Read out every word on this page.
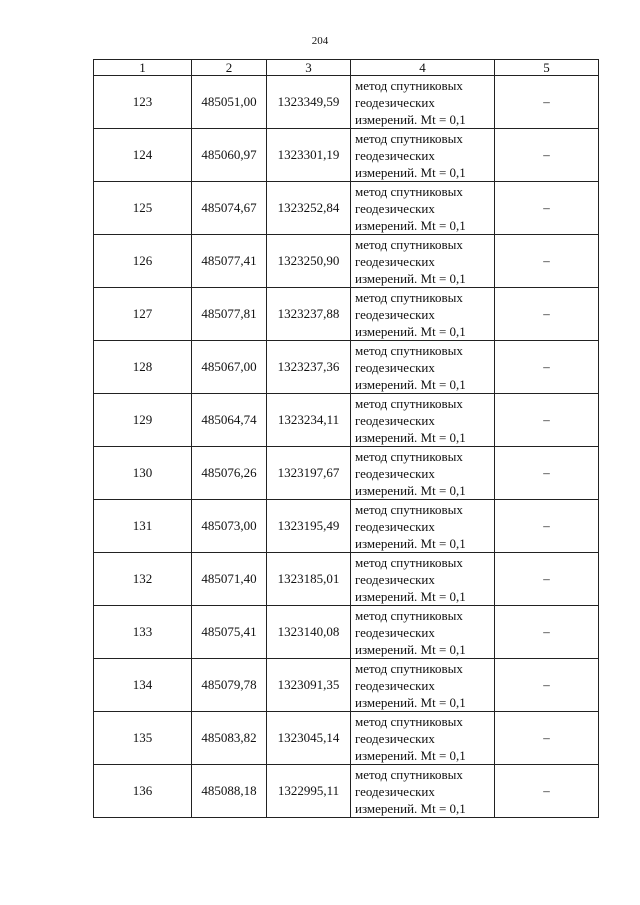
204
1	2	3	4	5
123	485051,00	1323349,59	метод спутниковых
геодезических
измерений. Mt = 0,1	–
124	485060,97	1323301,19	метод спутниковых
геодезических
измерений. Mt = 0,1	–
125	485074,67	1323252,84	метод спутниковых
геодезических
измерений. Mt = 0,1	–
126	485077,41	1323250,90	метод спутниковых
геодезических
измерений. Mt = 0,1	–
127	485077,81	1323237,88	метод спутниковых
геодезических
измерений. Mt = 0,1	–
128	485067,00	1323237,36	метод спутниковых
геодезических
измерений. Mt = 0,1	–
129	485064,74	1323234,11	метод спутниковых
геодезических
измерений. Mt = 0,1	–
130	485076,26	1323197,67	метод спутниковых
геодезических
измерений. Mt = 0,1	–
131	485073,00	1323195,49	метод спутниковых
геодезических
измерений. Mt = 0,1	–
132	485071,40	1323185,01	метод спутниковых
геодезических
измерений. Mt = 0,1	–
133	485075,41	1323140,08	метод спутниковых
геодезических
измерений. Mt = 0,1	–
134	485079,78	1323091,35	метод спутниковых
геодезических
измерений. Mt = 0,1	–
135	485083,82	1323045,14	метод спутниковых
геодезических
измерений. Mt = 0,1	–
136	485088,18	1322995,11	метод спутниковых
геодезических
измерений. Mt = 0,1	–
